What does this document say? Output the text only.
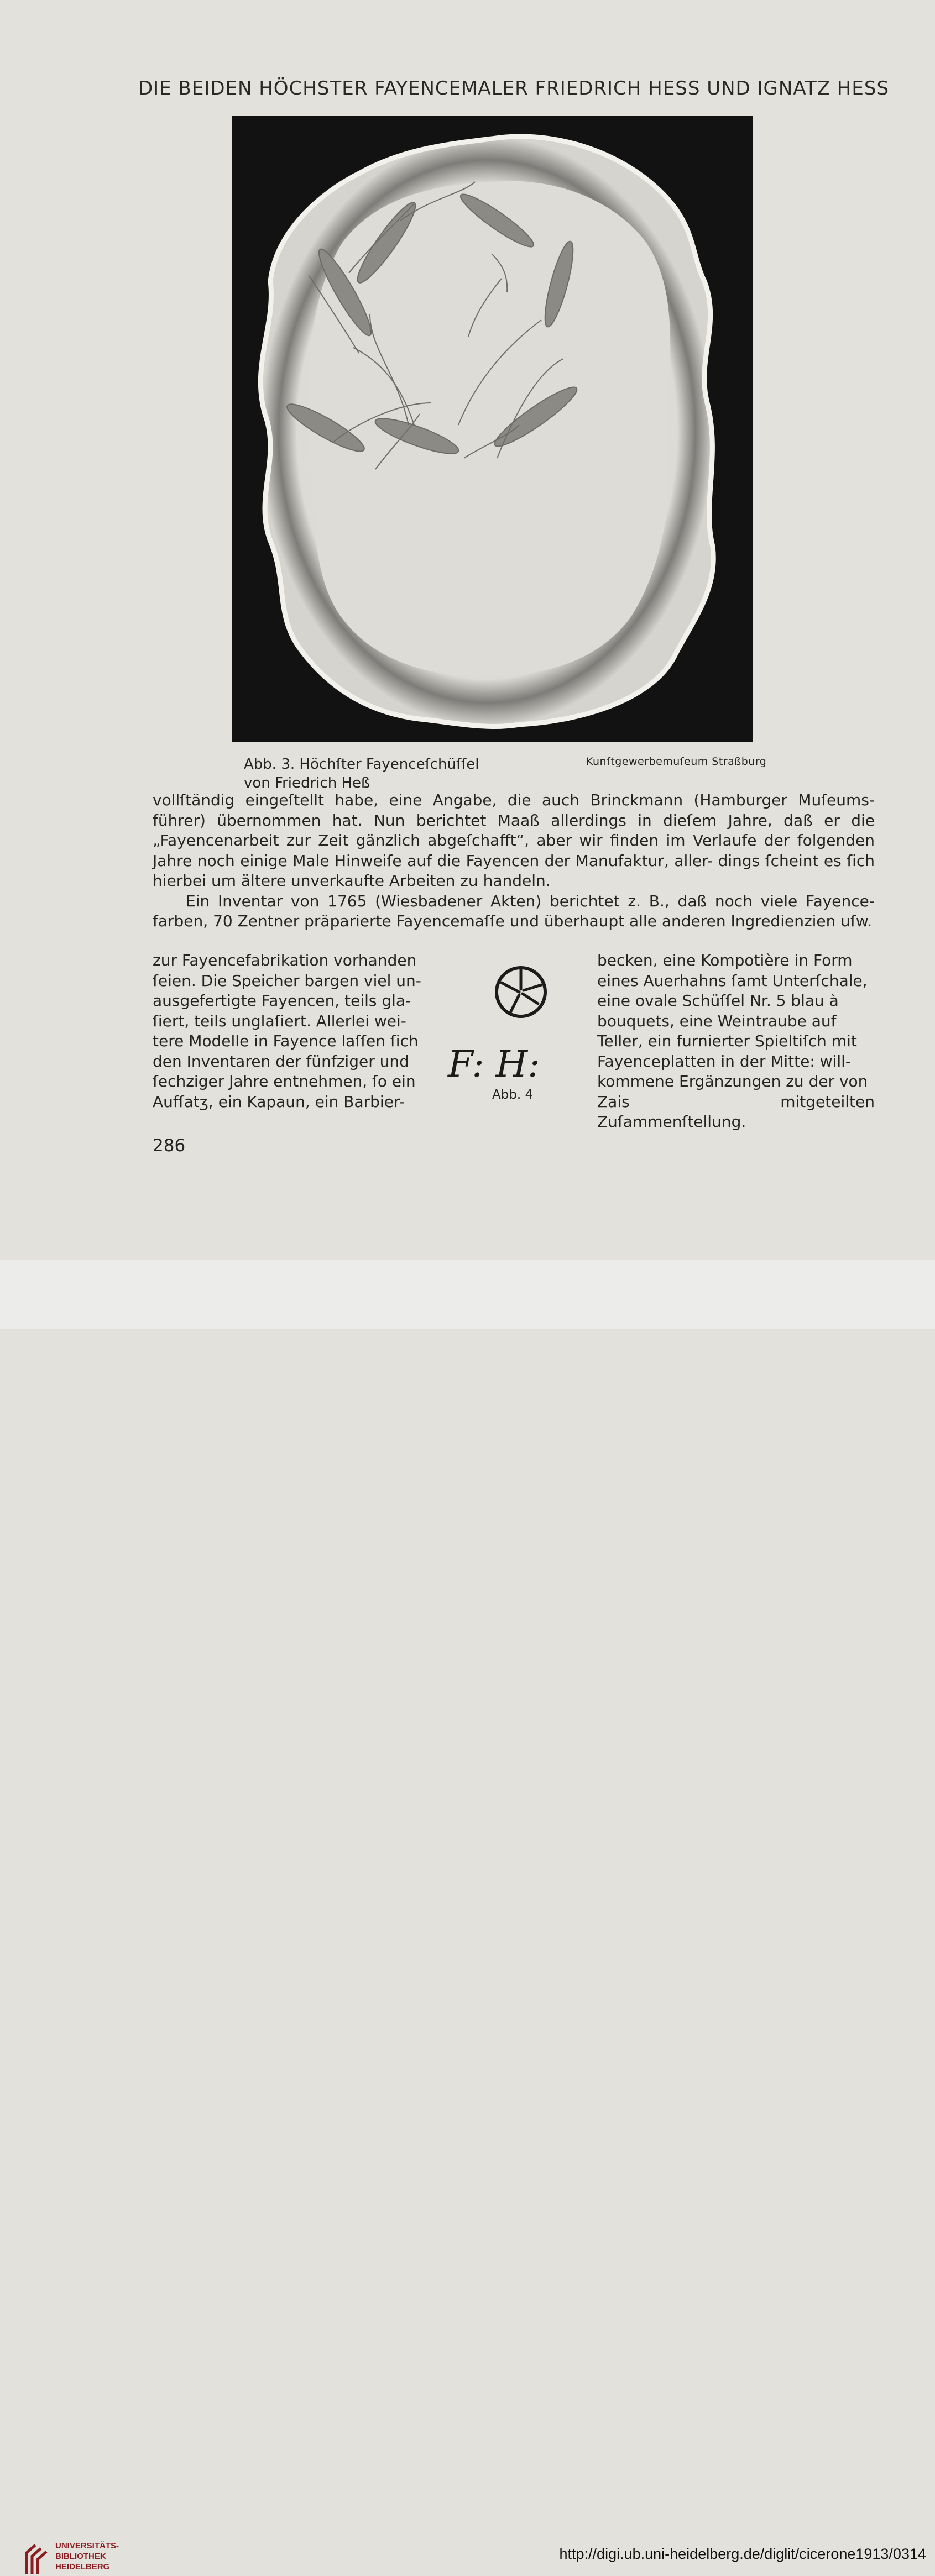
DIE BEIDEN HÖCHSTER FAYENCEMALER FRIEDRICH HESS UND IGNATZ HESS
Abb. 3. Höchſter Fayenceſchüſſel
von Friedrich Heß
Kunſtgewerbemuſeum Straßburg

vollſtändig eingeſtellt habe, eine Angabe, die auch Brinckmann (Hamburger Muſeums- führer) übernommen hat. Nun berichtet Maaß allerdings in dieſem Jahre, daß er die „Fayencenarbeit zur Zeit gänzlich abgeſchafft“, aber wir finden im Verlaufe der folgenden Jahre noch einige Male Hinweiſe auf die Fayencen der Manufaktur, aller- dings ſcheint es ſich hierbei um ältere unverkaufte Arbeiten zu handeln.

Ein Inventar von 1765 (Wiesbadener Akten) berichtet z. B., daß noch viele Fayence- farben, 70 Zentner präparierte Fayencemaſſe und überhaupt alle anderen Ingredienzien uſw.

zur Fayencefabrikation vorhanden
ſeien. Die Speicher bargen viel un-
ausgefertigte Fayencen, teils gla-
ſiert, teils unglaſiert. Allerlei wei-
tere Modelle in Fayence laſſen ſich
den Inventaren der fünfziger und
ſechziger Jahre entnehmen, ſo ein
Aufſatʒ, ein Kapaun, ein Barbier-
F: H:
Abb. 4
becken, eine Kompotière in Form
eines Auerhahns ſamt Unterſchale,
eine ovale Schüſſel Nr. 5 blau à
bouquets, eine Weintraube auf
Teller, ein furnierter Spieltiſch mit
Fayenceplatten in der Mitte: will-
kommene Ergänzungen zu der von
Zais mitgeteilten Zuſammenſtellung.
286
UNIVERSITÄTS-
BIBLIOTHEK
HEIDELBERG
http://digi.ub.uni-heidelberg.de/diglit/cicerone1913/0314
